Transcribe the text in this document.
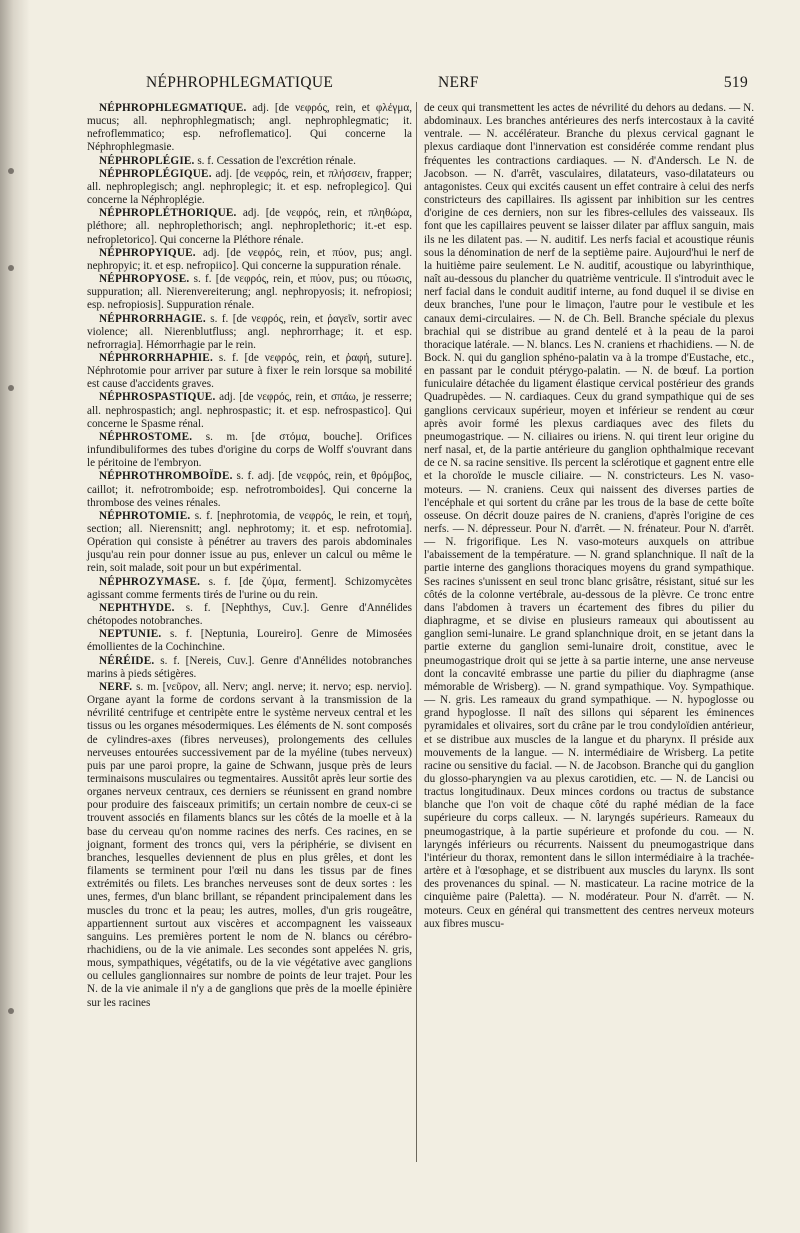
NÉPHROPHLEGMATIQUE	NERF	519

NÉPHROPHLEGMATIQUE. adj. [de νεφρός, rein, et φλέγμα, mucus; all. nephrophlegmatisch; angl. nephrophlegmatic; it. nefroflemmatico; esp. nefroflematico]. Qui concerne la Néphrophlegmasie.

NÉPHROPLÉGIE. s. f. Cessation de l'excrétion rénale.

NÉPHROPLÉGIQUE. adj. [de νεφρός, rein, et πλήσσειν, frapper; all. nephroplegisch; angl. nephroplegic; it. et esp. nefroplegico]. Qui concerne la Néphroplégie.

NÉPHROPLÉTHORIQUE. adj. [de νεφρός, rein, et πληθώρα, pléthore; all. nephroplethorisch; angl. nephroplethoric; it.-et esp. nefropletorico]. Qui concerne la Pléthore rénale.

NÉPHROPYIQUE. adj. [de νεφρός, rein, et πύον, pus; angl. nephropyic; it. et esp. nefropiico]. Qui concerne la suppuration rénale.

NÉPHROPYOSE. s. f. [de νεφρός, rein, et πύον, pus; ou πύωσις, suppuration; all. Nierenvereiterung; angl. nephropyosis; it. nefropiosi; esp. nefropiosis]. Suppuration rénale.

NÉPHRORRHAGIE. s. f. [de νεφρός, rein, et ῥαγεῖν, sortir avec violence; all. Nierenblutfluss; angl. nephrorrhage; it. et esp. nefrorragia]. Hémorrhagie par le rein.

NÉPHRORRHAPHIE. s. f. [de νεφρός, rein, et ῥαφή, suture]. Néphrotomie pour arriver par suture à fixer le rein lorsque sa mobilité est cause d'accidents graves.

NÉPHROSPASTIQUE. adj. [de νεφρός, rein, et σπάω, je resserre; all. nephrospastich; angl. nephrospastic; it. et esp. nefrospastico]. Qui concerne le Spasme rénal.

NÉPHROSTOME. s. m. [de στόμα, bouche]. Orifices infundibuliformes des tubes d'origine du corps de Wolff s'ouvrant dans le péritoine de l'embryon.

NÉPHROTHROMBOÏDE. s. f. adj. [de νεφρός, rein, et θρόμβος, caillot; it. nefrotromboide; esp. nefrotromboides]. Qui concerne la thrombose des veines rénales.

NÉPHROTOMIE. s. f. [nephrotomia, de νεφρός, le rein, et τομή, section; all. Nierensnitt; angl. nephrotomy; it. et esp. nefrotomia]. Opération qui consiste à pénétrer au travers des parois abdominales jusqu'au rein pour donner issue au pus, enlever un calcul ou même le rein, soit malade, soit pour un but expérimental.

NÉPHROZYMASE. s. f. [de ζύμα, ferment]. Schizomycètes agissant comme ferments tirés de l'urine ou du rein.

NEPHTHYDE. s. f. [Nephthys, Cuv.]. Genre d'Annélides chétopodes notobranches.

NEPTUNIE. s. f. [Neptunia, Loureiro]. Genre de Mimosées émollientes de la Cochinchine.

NÉRÉIDE. s. f. [Nereis, Cuv.]. Genre d'Annélides notobranches marins à pieds sétigères.

NERF. s. m. [νεῦρον, all. Nerv; angl. nerve; it. nervo; esp. nervio]. Organe ayant la forme de cordons servant à la transmission de la névrilité centrifuge et centripète entre le système nerveux central et les tissus ou les organes mésodermiques. Les éléments de N. sont composés de cylindres-axes (fibres nerveuses), prolongements des cellules nerveuses entourées successivement par de la myéline (tubes nerveux) puis par une paroi propre, la gaine de Schwann, jusque près de leurs terminaisons musculaires ou tegmentaires. Aussitôt après leur sortie des organes nerveux centraux, ces derniers se réunissent en grand nombre pour produire des faisceaux primitifs; un certain nombre de ceux-ci se trouvent associés en filaments blancs sur les côtés de la moelle et à la base du cerveau qu'on nomme racines des nerfs. Ces racines, en se joignant, forment des troncs qui, vers la périphérie, se divisent en branches, lesquelles deviennent de plus en plus grêles, et dont les filaments se terminent pour l'œil nu dans les tissus par de fines extrémités ou filets. Les branches nerveuses sont de deux sortes : les unes, fermes, d'un blanc brillant, se répandent principalement dans les muscles du tronc et la peau; les autres, molles, d'un gris rougeâtre, appartiennent surtout aux viscères et accompagnent les vaisseaux sanguins. Les premières portent le nom de N. blancs ou cérébro-rhachidiens, ou de la vie animale. Les secondes sont appelées N. gris, mous, sympathiques, végétatifs, ou de la vie végétative avec ganglions ou cellules ganglionnaires sur nombre de points de leur trajet. Pour les N. de la vie animale il n'y a de ganglions que près de la moelle épinière sur les racines

de ceux qui transmettent les actes de névrilité du dehors au dedans. — N. abdominaux. Les branches antérieures des nerfs intercostaux à la cavité ventrale. — N. accélérateur. Branche du plexus cervical gagnant le plexus cardiaque dont l'innervation est considérée comme rendant plus fréquentes les contractions cardiaques. — N. d'Andersch. Le N. de Jacobson. — N. d'arrêt, vasculaires, dilatateurs, vaso-dilatateurs ou antagonistes. Ceux qui excités causent un effet contraire à celui des nerfs constricteurs des capillaires. Ils agissent par inhibition sur les centres d'origine de ces derniers, non sur les fibres-cellules des vaisseaux. Ils font que les capillaires peuvent se laisser dilater par afflux sanguin, mais ils ne les dilatent pas. — N. auditif. Les nerfs facial et acoustique réunis sous la dénomination de nerf de la septième paire. Aujourd'hui le nerf de la huitième paire seulement. Le N. auditif, acoustique ou labyrinthique, naît au-dessous du plancher du quatrième ventricule. Il s'introduit avec le nerf facial dans le conduit auditif interne, au fond duquel il se divise en deux branches, l'une pour le limaçon, l'autre pour le vestibule et les canaux demi-circulaires. — N. de Ch. Bell. Branche spéciale du plexus brachial qui se distribue au grand dentelé et à la peau de la paroi thoracique latérale. — N. blancs. Les N. craniens et rhachidiens. — N. de Bock. N. qui du ganglion sphéno-palatin va à la trompe d'Eustache, etc., en passant par le conduit ptérygo-palatin. — N. de bœuf. La portion funiculaire détachée du ligament élastique cervical postérieur des grands Quadrupèdes. — N. cardiaques. Ceux du grand sympathique qui de ses ganglions cervicaux supérieur, moyen et inférieur se rendent au cœur après avoir formé les plexus cardiaques avec des filets du pneumogastrique. — N. ciliaires ou iriens. N. qui tirent leur origine du nerf nasal, et, de la partie antérieure du ganglion ophthalmique recevant de ce N. sa racine sensitive. Ils percent la sclérotique et gagnent entre elle et la choroïde le muscle ciliaire. — N. constricteurs. Les N. vaso-moteurs. — N. craniens. Ceux qui naissent des diverses parties de l'encéphale et qui sortent du crâne par les trous de la base de cette boîte osseuse. On décrit douze paires de N. craniens, d'après l'origine de ces nerfs. — N. dépresseur. Pour N. d'arrêt. — N. frénateur. Pour N. d'arrêt. — N. frigorifique. Les N. vaso-moteurs auxquels on attribue l'abaissement de la température. — N. grand splanchnique. Il naît de la partie interne des ganglions thoraciques moyens du grand sympathique. Ses racines s'unissent en seul tronc blanc grisâtre, résistant, situé sur les côtés de la colonne vertébrale, au-dessous de la plèvre. Ce tronc entre dans l'abdomen à travers un écartement des fibres du pilier du diaphragme, et se divise en plusieurs rameaux qui aboutissent au ganglion semi-lunaire. Le grand splanchnique droit, en se jetant dans la partie externe du ganglion semi-lunaire droit, constitue, avec le pneumogastrique droit qui se jette à sa partie interne, une anse nerveuse dont la concavité embrasse une partie du pilier du diaphragme (anse mémorable de Wrisberg). — N. grand sympathique. Voy. Sympathique. — N. gris. Les rameaux du grand sympathique. — N. hypoglosse ou grand hypoglosse. Il naît des sillons qui séparent les éminences pyramidales et olivaires, sort du crâne par le trou condyloïdien antérieur, et se distribue aux muscles de la langue et du pharynx. Il préside aux mouvements de la langue. — N. intermédiaire de Wrisberg. La petite racine ou sensitive du facial. — N. de Jacobson. Branche qui du ganglion du glosso-pharyngien va au plexus carotidien, etc. — N. de Lancisi ou tractus longitudinaux. Deux minces cordons ou tractus de substance blanche que l'on voit de chaque côté du raphé médian de la face supérieure du corps calleux. — N. laryngés supérieurs. Rameaux du pneumogastrique, à la partie supérieure et profonde du cou. — N. laryngés inférieurs ou récurrents. Naissent du pneumogastrique dans l'intérieur du thorax, remontent dans le sillon intermédiaire à la trachée-artère et à l'œsophage, et se distribuent aux muscles du larynx. Ils sont des provenances du spinal. — N. masticateur. La racine motrice de la cinquième paire (Paletta). — N. modérateur. Pour N. d'arrêt. — N. moteurs. Ceux en général qui transmettent des centres nerveux moteurs aux fibres muscu-
